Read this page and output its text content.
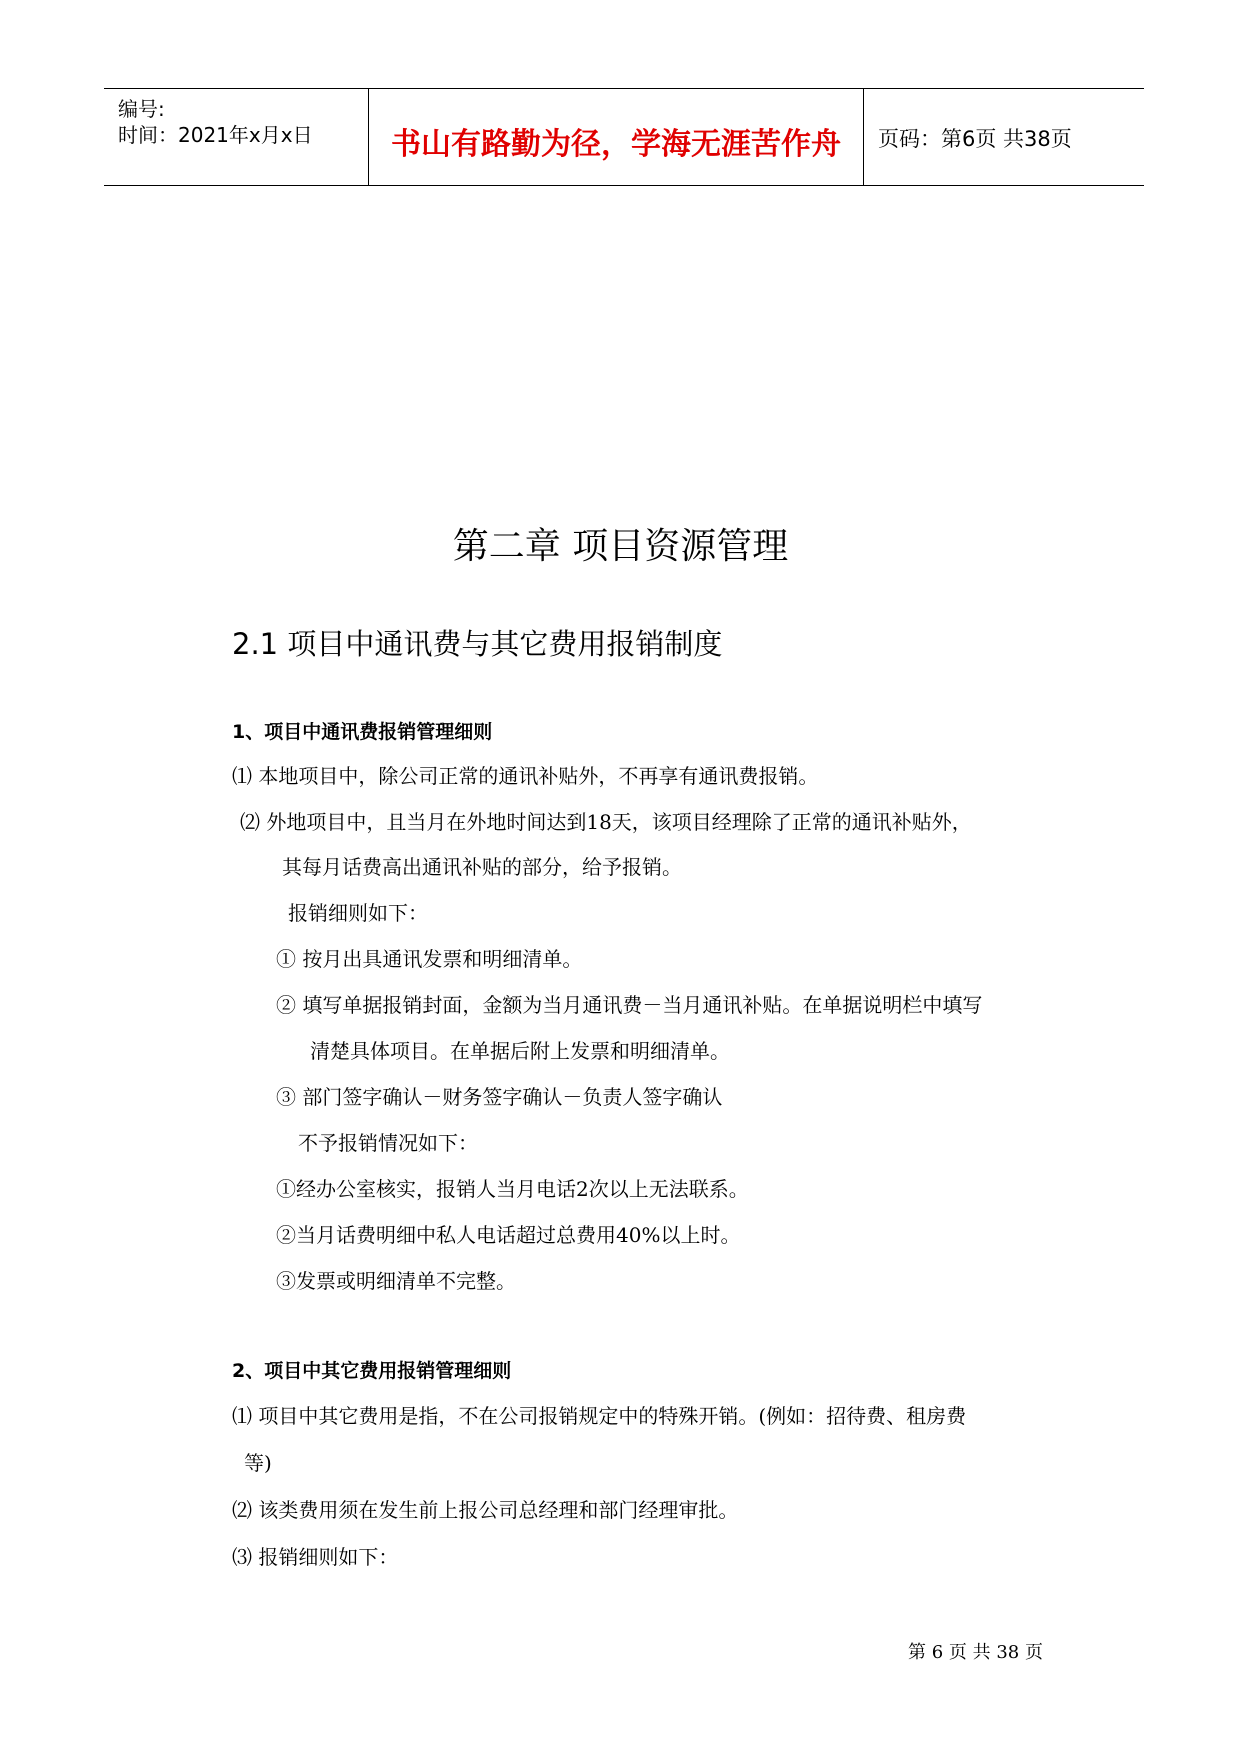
编号:
时间：2021年x月x日	书山有路勤为径，学海无涯苦作舟	页码：第6页 共38页
第二章 项目资源管理
2.1 项目中通讯费与其它费用报销制度
1、项目中通讯费报销管理细则
⑴ 本地项目中，除公司正常的通讯补贴外，不再享有通讯费报销。
⑵ 外地项目中，且当月在外地时间达到18天，该项目经理除了正常的通讯补贴外，
其每月话费高出通讯补贴的部分，给予报销。
报销细则如下：
① 按月出具通讯发票和明细清单。
② 填写单据报销封面，金额为当月通讯费－当月通讯补贴。在单据说明栏中填写
清楚具体项目。在单据后附上发票和明细清单。
③ 部门签字确认－财务签字确认－负责人签字确认
不予报销情况如下：
①经办公室核实，报销人当月电话2次以上无法联系。
②当月话费明细中私人电话超过总费用40%以上时。
③发票或明细清单不完整。
2、项目中其它费用报销管理细则
⑴ 项目中其它费用是指，不在公司报销规定中的特殊开销。(例如：招待费、租房费
等)
⑵ 该类费用须在发生前上报公司总经理和部门经理审批。
⑶ 报销细则如下：
第 6 页 共 38 页
